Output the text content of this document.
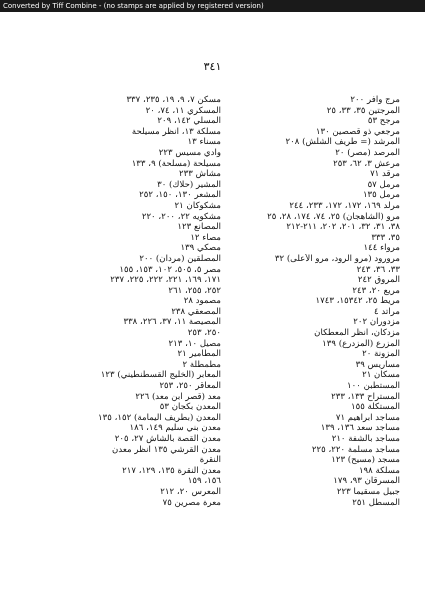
Converted by Tiff Combine - (no stamps are applied by registered version)
٣٤١
مرج وافر ٢٠٠
المرجتين ٣٥، ٣٣، ٢٥
مرجح ٥٣
مرجعي ذو قصصين ١٣٠
المرشد (= طريف الشلش) ٢٠٨
المرصد (مصر) ٢٠
مرعش ٣، ٦٢، ٢٥٣
مرقد ٧١
مرمل ٥٧
مرمل ١٣٥
مرلد ١٦٩، ١٧٢، ١٧٢، ٢٣٣، ٢٤٤
مرو (الشاهجان) ٢٥، ٧٤، ١٧٤، ٢٨، ٢٥
٣٨، ٣١، ٣٢، ٢٠١، ٢٠٢، ٢١١-٢١٢
٣٥، ٣٣٣
مرواء ١٤٤
مرورود (مرو الرود، مرو الأعلى) ٣٢
٣٣، ٣٦، ٢٤٣
المروق ٢٤٢
مريع ٢٠، ٢٤٣
مريط ٢٥، ١٥٣٤٢، ١٧٤٣
مراتد ٤
مزدوران ٢٠٢
مزدكان، انظر المعطكان
المزرع (المزدرع) ١٣٩
المزونة ٢٠
مساريس ٣٩
مسكان ٢١
المستطبن ١٠٠
المستراح ١٣٣، ٢٣٣
المستكلة ١٥٥
مساجد ابراهيم ٧١
مساجد سعد ١٣٦، ١٣٩
مساجد بالشفة ٢١٠
مساجد مسلمة ٢٢٠، ٢٢٥
مسجد (مسيح) ١٢٣
مسلكة ١٩٨
المسرقان ٩٣، ١٧٩
جبيل مسقيما ٢٢٣
المسطل ٢٥١
مسكن ٧، ٩، ١٩، ٢٣٥، ٣٣٧
المسكري ١١، ٧٤، ٢٠
المسلي ١٤٢، ٢٠٩
مسلكة ١٣، انظر مسيلحة
مسناء ١٣
وادي مسيس ٢٢٣
مسيلحة (مسلحة) ٩، ١٣٣
مشاش ٢٣٣
المشير (حلاك) ٣٠
المشعر ١٣٠، ١٥٠، ٢٥٢
مشكوكان ٢١
مشكويه ٢٢، ٢٠٠، ٢٢٠
المصانع ١٢٣
مصاء ١٢
مصكي ١٣٩
المصلقين (مردان) ٢٠٠
مصر ٥، ٥٠٥، ١٠٢، ١٥٣، ١٥٥
١٧١، ١٦٩، ٢٢١، ٢٢٢، ٢٢٥، ٢٣٧
٢٥٢، ٢٥٥، ٢٦١
مصمود ٢٨
المصعقي ٢٣٨
المصيصة ١١، ٣٧، ٢٢٦، ٣٣٨
٢٥٠، ٢٥٣
مصيل ١٠، ٢١٣
المطامير ٢١
مطمطلة ٢
المعابر (الخليج القسطنطيني) ١٢٣
المعاقر ٢٥٠، ٢٥٣
معد (قصر ابن معد) ٢٢٦
المعدن بكجان ٥٣
المعدن (بطريف اليمامة) ١٥٢، ١٣٥
معدن بني سليم ١٤٩، ١٨٦
معدن القصة بالشاش ٢٧، ٢٠٥
معدن القرشي ١٣٥ انظر معدن
النقرة
معدن النقرة ١٣٥، ١٢٩، ٢١٧
١٥٦، ١٥٩
المعرس ٢٠، ٢١٢
معرة مصرين ٧٥
